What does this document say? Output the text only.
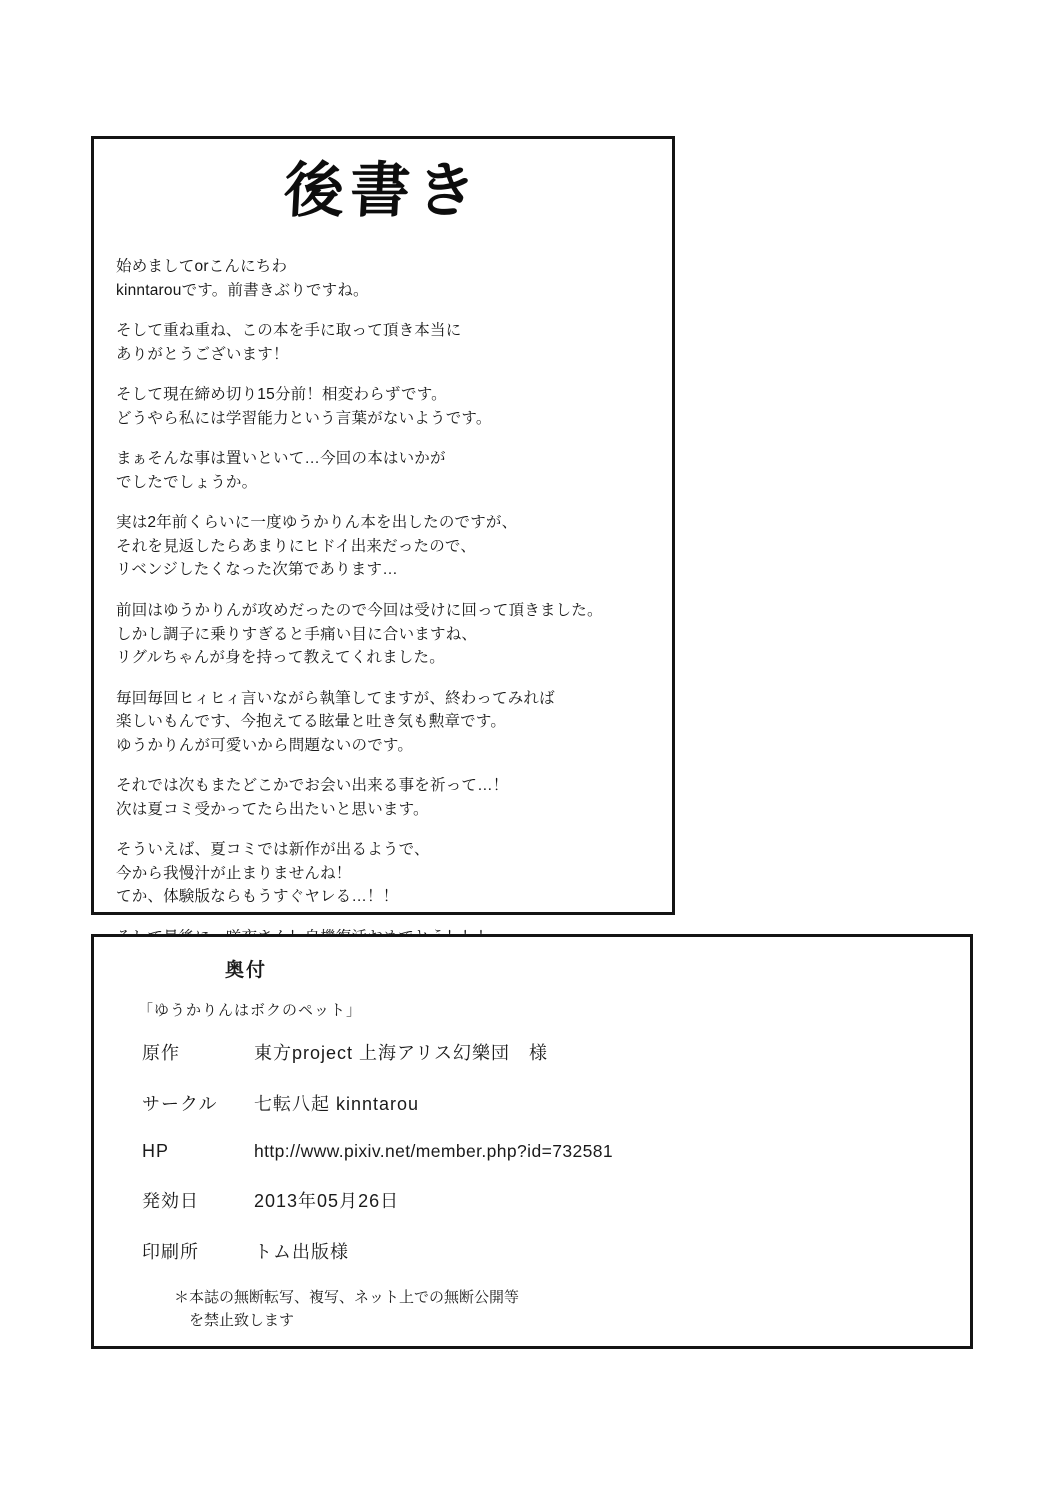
後書き
始めましてorこんにちわ
kinntarouです。前書きぶりですね。
そして重ね重ね、この本を手に取って頂き本当に
ありがとうございます！
そして現在締め切り15分前！相変わらずです。
どうやら私には学習能力という言葉がないようです。
まぁそんな事は置いといて…今回の本はいかが
でしたでしょうか。
実は2年前くらいに一度ゆうかりん本を出したのですが、
それを見返したらあまりにヒドイ出来だったので、
リベンジしたくなった次第であります…
前回はゆうかりんが攻めだったので今回は受けに回って頂きました。
しかし調子に乗りすぎると手痛い目に合いますね、
リグルちゃんが身を持って教えてくれました。
毎回毎回ヒィヒィ言いながら執筆してますが、終わってみれば
楽しいもんです、今抱えてる眩暈と吐き気も勲章です。
ゆうかりんが可愛いから問題ないのです。
それでは次もまたどこかでお会い出来る事を祈って…！
次は夏コミ受かってたら出たいと思います。
そういえば、夏コミでは新作が出るようで、
今から我慢汁が止まりませんね！
てか、体験版ならもうすぐヤレる…！！
奥付
「ゆうかりんはボクのペット」
原作	東方project 上海アリス幻樂団　様
サークル	七転八起 kinntarou
HP	http://www.pixiv.net/member.php?id=732581
発効日	2013年05月26日
印刷所	トム出版様
＊本誌の無断転写、複写、ネット上での無断公開等
　を禁止致します
